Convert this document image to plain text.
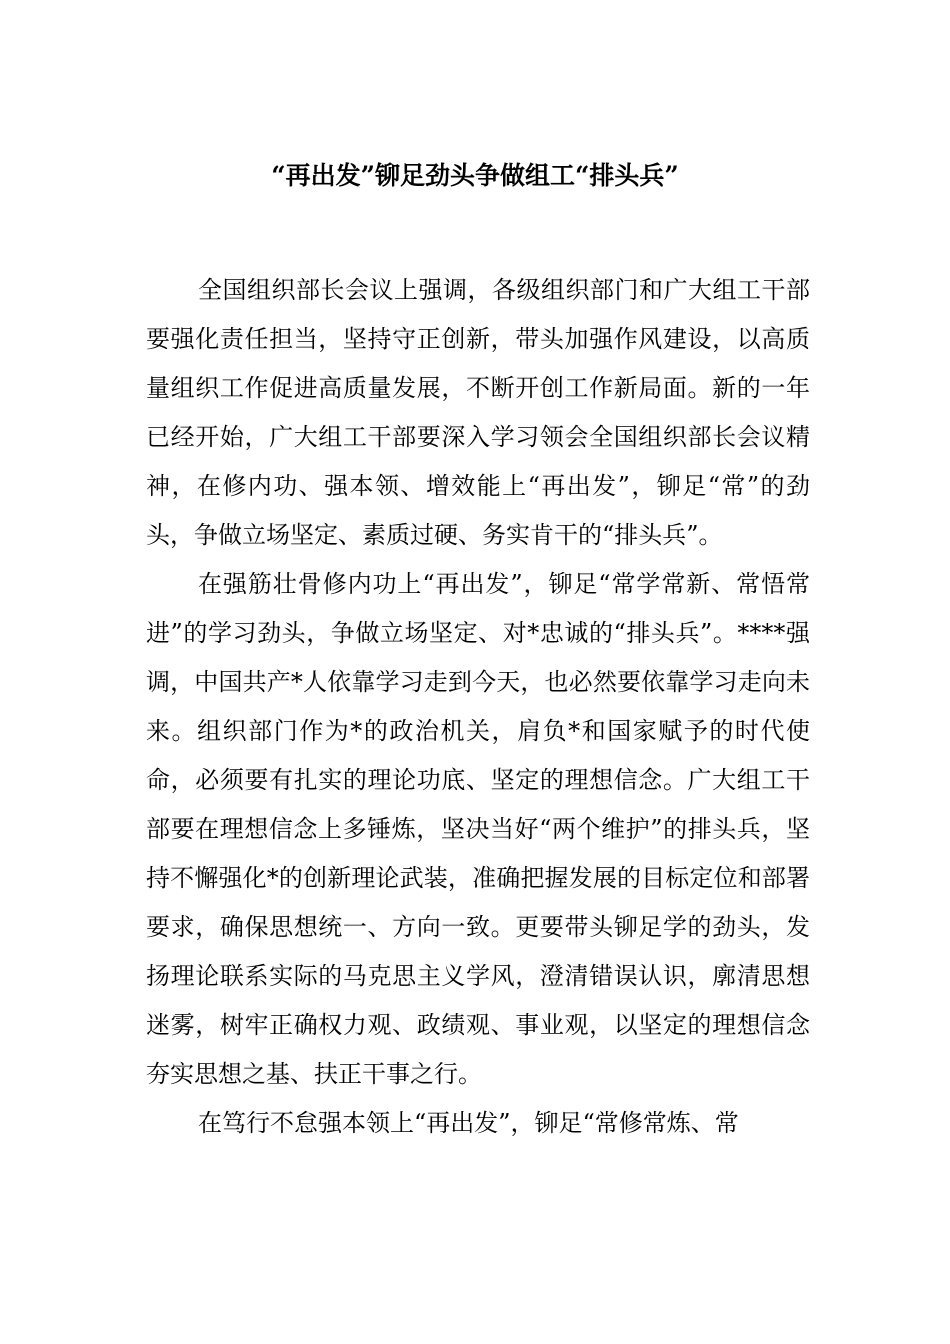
“再出发”铆足劲头争做组工“排头兵”

全国组织部长会议上强调，各级组织部门和广大组工干部要强化责任担当，坚持守正创新，带头加强作风建设，以高质量组织工作促进高质量发展，不断开创工作新局面。新的一年已经开始，广大组工干部要深入学习领会全国组织部长会议精神，在修内功、强本领、增效能上“再出发”，铆足“常”的劲头，争做立场坚定、素质过硬、务实肯干的“排头兵”。

在强筋壮骨修内功上“再出发”，铆足“常学常新、常悟常进”的学习劲头，争做立场坚定、对*忠诚的“排头兵”。****强调，中国共产*人依靠学习走到今天，也必然要依靠学习走向未来。组织部门作为*的政治机关，肩负*和国家赋予的时代使命，必须要有扎实的理论功底、坚定的理想信念。广大组工干部要在理想信念上多锤炼，坚决当好“两个维护”的排头兵，坚持不懈强化*的创新理论武装，准确把握发展的目标定位和部署要求，确保思想统一、方向一致。更要带头铆足学的劲头，发扬理论联系实际的马克思主义学风，澄清错误认识，廓清思想迷雾，树牢正确权力观、政绩观、事业观，以坚定的理想信念夯实思想之基、扶正干事之行。

在笃行不怠强本领上“再出发”，铆足“常修常炼、常
